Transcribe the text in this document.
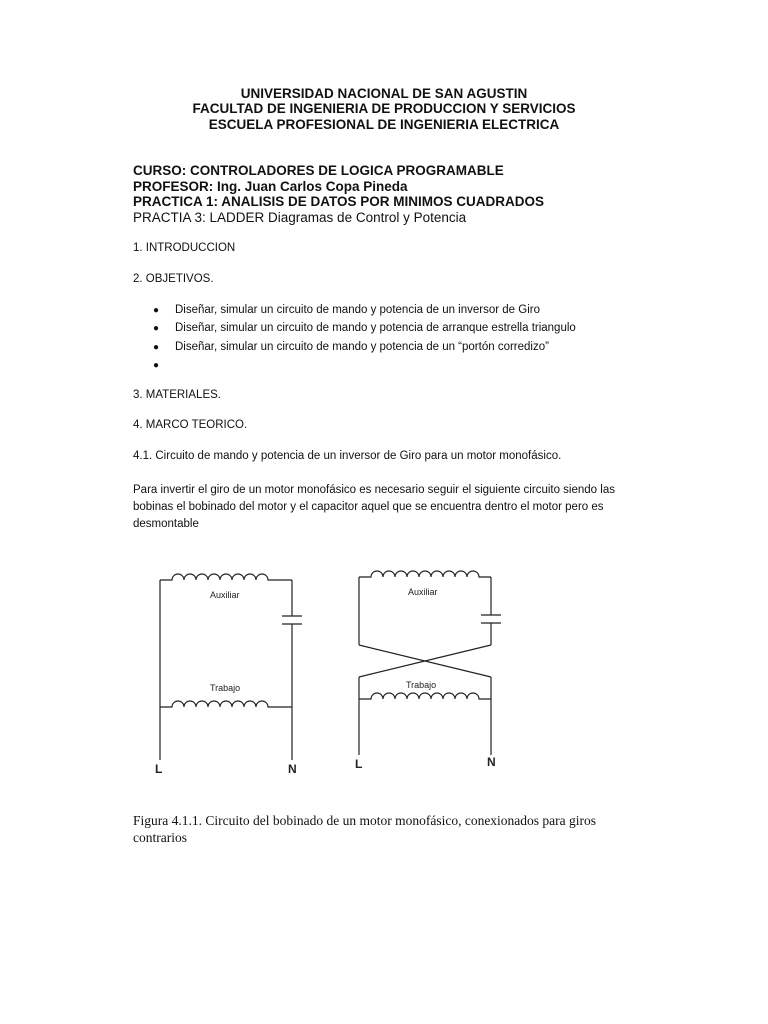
UNIVERSIDAD NACIONAL DE SAN AGUSTIN
FACULTAD DE INGENIERIA DE PRODUCCION Y SERVICIOS
ESCUELA PROFESIONAL DE INGENIERIA ELECTRICA
CURSO: CONTROLADORES DE LOGICA PROGRAMABLE
PROFESOR: Ing. Juan Carlos Copa Pineda
PRACTICA 1: ANALISIS DE DATOS POR MINIMOS CUADRADOS
PRACTIA 3: LADDER Diagramas de Control y Potencia
1. INTRODUCCION
2. OBJETIVOS.
● Diseñar, simular un circuito de mando y potencia de un inversor de Giro
● Diseñar, simular un circuito de mando y potencia de arranque estrella triangulo
● Diseñar, simular un circuito de mando y potencia de un “portón corredizo”
●
3. MATERIALES.
4. MARCO TEORICO.
4.1. Circuito de mando y potencia de un inversor de Giro para un motor monofásico.
Para invertir el giro de un motor monofásico es necesario seguir el siguiente circuito siendo las bobinas el bobinado del motor y el capacitor aquel que se encuentra dentro el motor pero es desmontable
Auxiliar
Trabajo
L	N
Auxiliar
Trabajo
L	N
Figura 4.1.1. Circuito del bobinado de un motor monofásico, conexionados para giros contrarios
